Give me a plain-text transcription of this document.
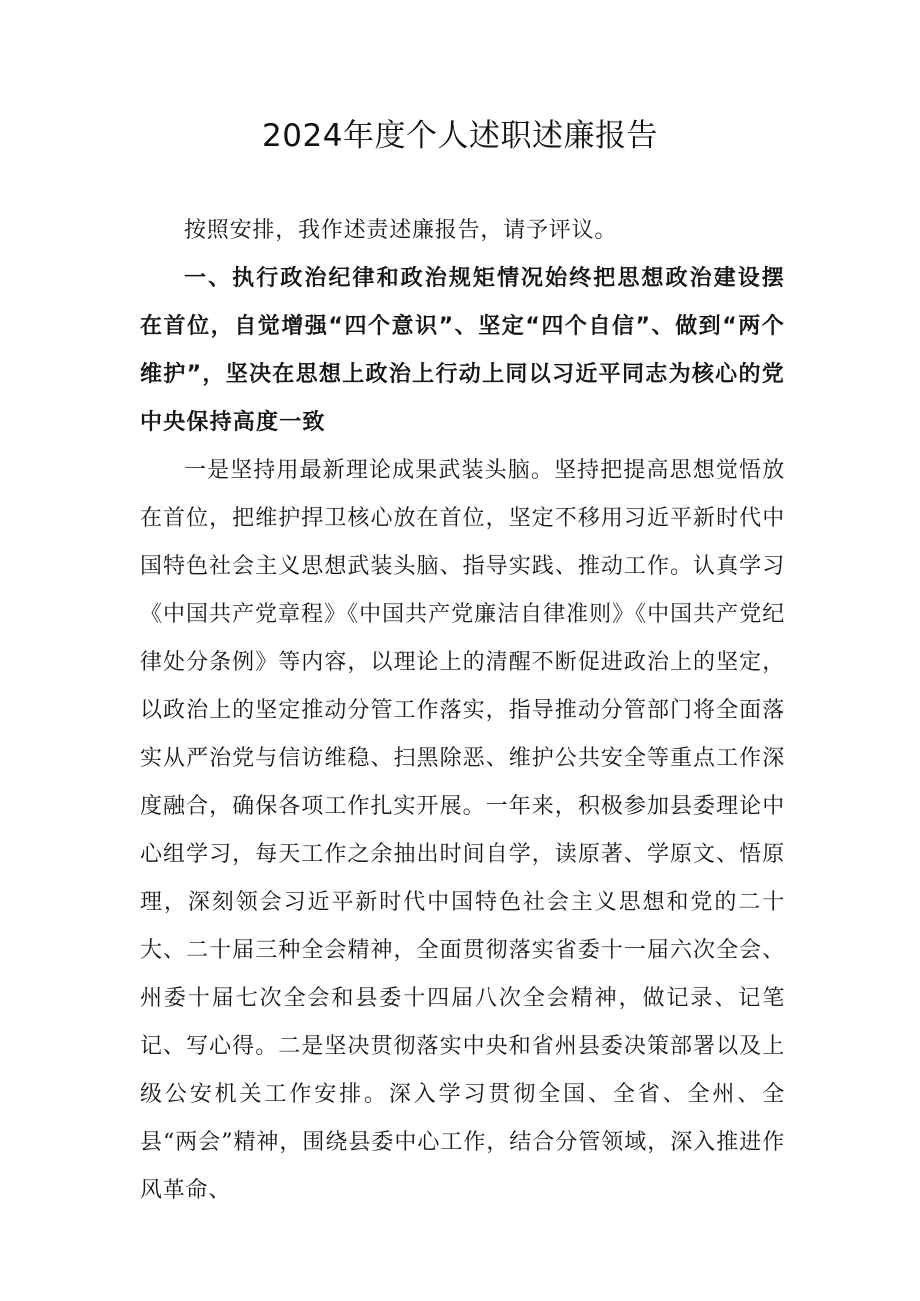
2024年度个人述职述廉报告

按照安排，我作述责述廉报告，请予评议。

一、执行政治纪律和政治规矩情况始终把思想政治建设摆在首位，自觉增强“四个意识”、坚定“四个自信”、做到“两个维护”，坚决在思想上政治上行动上同以习近平同志为核心的党中央保持高度一致

一是坚持用最新理论成果武装头脑。坚持把提高思想觉悟放在首位，把维护捍卫核心放在首位，坚定不移用习近平新时代中国特色社会主义思想武装头脑、指导实践、推动工作。认真学习《中国共产党章程》《中国共产党廉洁自律准则》《中国共产党纪律处分条例》等内容，以理论上的清醒不断促进政治上的坚定，以政治上的坚定推动分管工作落实，指导推动分管部门将全面落实从严治党与信访维稳、扫黑除恶、维护公共安全等重点工作深度融合，确保各项工作扎实开展。一年来，积极参加县委理论中心组学习，每天工作之余抽出时间自学，读原著、学原文、悟原理，深刻领会习近平新时代中国特色社会主义思想和党的二十大、二十届三种全会精神，全面贯彻落实省委十一届六次全会、州委十届七次全会和县委十四届八次全会精神，做记录、记笔记、写心得。二是坚决贯彻落实中央和省州县委决策部署以及上级公安机关工作安排。深入学习贯彻全国、全省、全州、全县“两会”精神，围绕县委中心工作，结合分管领域，深入推进作风革命、
